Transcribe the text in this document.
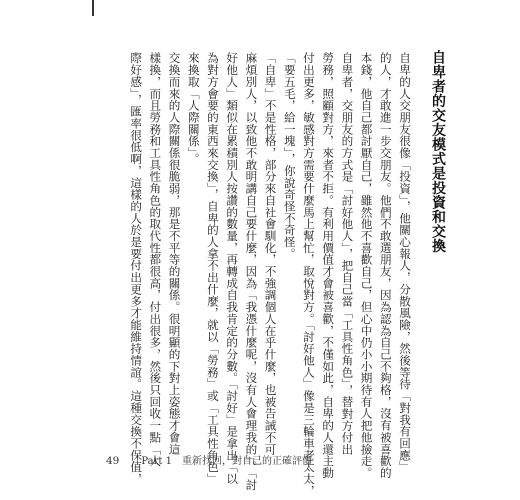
自卑者的交友模式是投資和交換
自卑的人交朋友很像「投資」，他關心報人，分散風險，然後等待「對我有回應」
的人，才敢進一步交朋友。他們不敢選朋友，因為認為自己不夠格，沒有被喜歡的
本錢，他自己都討厭自己，雖然他不喜歡自己，但心中仍小小期待有人把他撿走。
自卑者，交朋友的方式是「討好他人」，把自己當「工具性角色」，替對方付出
勞務，照顧對方，來者不拒。有利用價值才會被喜歡，不僅如此，自卑的人還主動
付出更多，敏感對方需要什麼馬上幫忙，取悅對方。「討好他人」像是三輪車老太太，
「要五毛，給一塊」，你說奇怪不奇怪。
「自卑」不是性格，部分來自社會馴化，不強調個人在乎什麼，也被告誡不可
麻煩別人，以致他不敢明講自己要什麼，因為「我憑什麼呢，沒有人會理我的」。「討
好他人」類似在累積別人按讚的數量，再轉成自我肯定的分數。「討好」是拿出「以
為對方會要的東西來交換」，自卑的人拿不出什麼，就以「勞務」或「工具性角色」
來換取「人際關係」。
交換而來的人際關係很脆弱，那是不平等的關係。很明顯的下對上姿態才會這
樣換，而且勞務和工具性角色的取代性都很高，付出很多，然後只回收一點「人
際好感」，匯率很低啊，這樣的人於是要付出更多才能維持情誼。這種交換不保值，
49 Part 1　重新找回，對自己的正確評價
